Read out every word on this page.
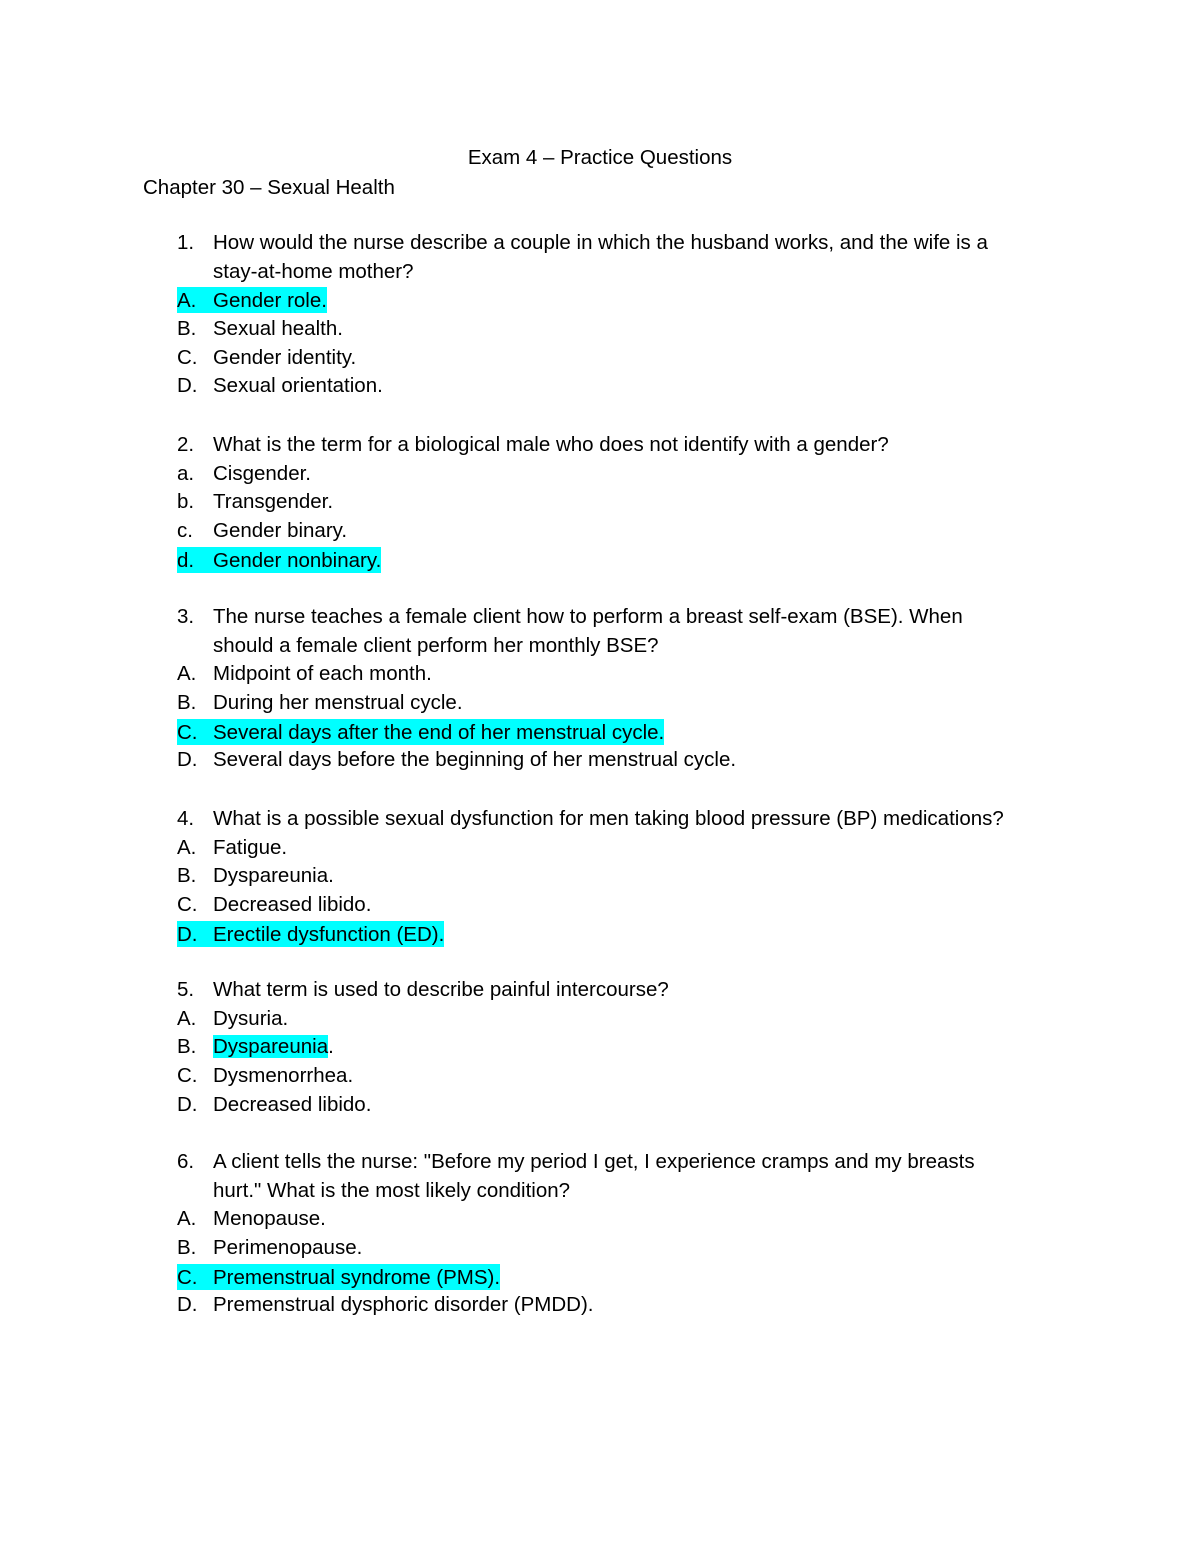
Exam 4 – Practice Questions
Chapter 30 – Sexual Health
1. How would the nurse describe a couple in which the husband works, and the wife is a
stay-at-home mother?
A. Gender role.
B. Sexual health.
C. Gender identity.
D. Sexual orientation.
2. What is the term for a biological male who does not identify with a gender?
a. Cisgender.
b. Transgender.
c. Gender binary.
d. Gender nonbinary.
3. The nurse teaches a female client how to perform a breast self-exam (BSE). When
should a female client perform her monthly BSE?
A. Midpoint of each month.
B. During her menstrual cycle.
C. Several days after the end of her menstrual cycle.
D. Several days before the beginning of her menstrual cycle.
4. What is a possible sexual dysfunction for men taking blood pressure (BP) medications?
A. Fatigue.
B. Dyspareunia.
C. Decreased libido.
D. Erectile dysfunction (ED).
5. What term is used to describe painful intercourse?
A. Dysuria.
B. Dyspareunia.
C. Dysmenorrhea.
D. Decreased libido.
6. A client tells the nurse: "Before my period I get, I experience cramps and my breasts
hurt." What is the most likely condition?
A. Menopause.
B. Perimenopause.
C. Premenstrual syndrome (PMS).
D. Premenstrual dysphoric disorder (PMDD).
